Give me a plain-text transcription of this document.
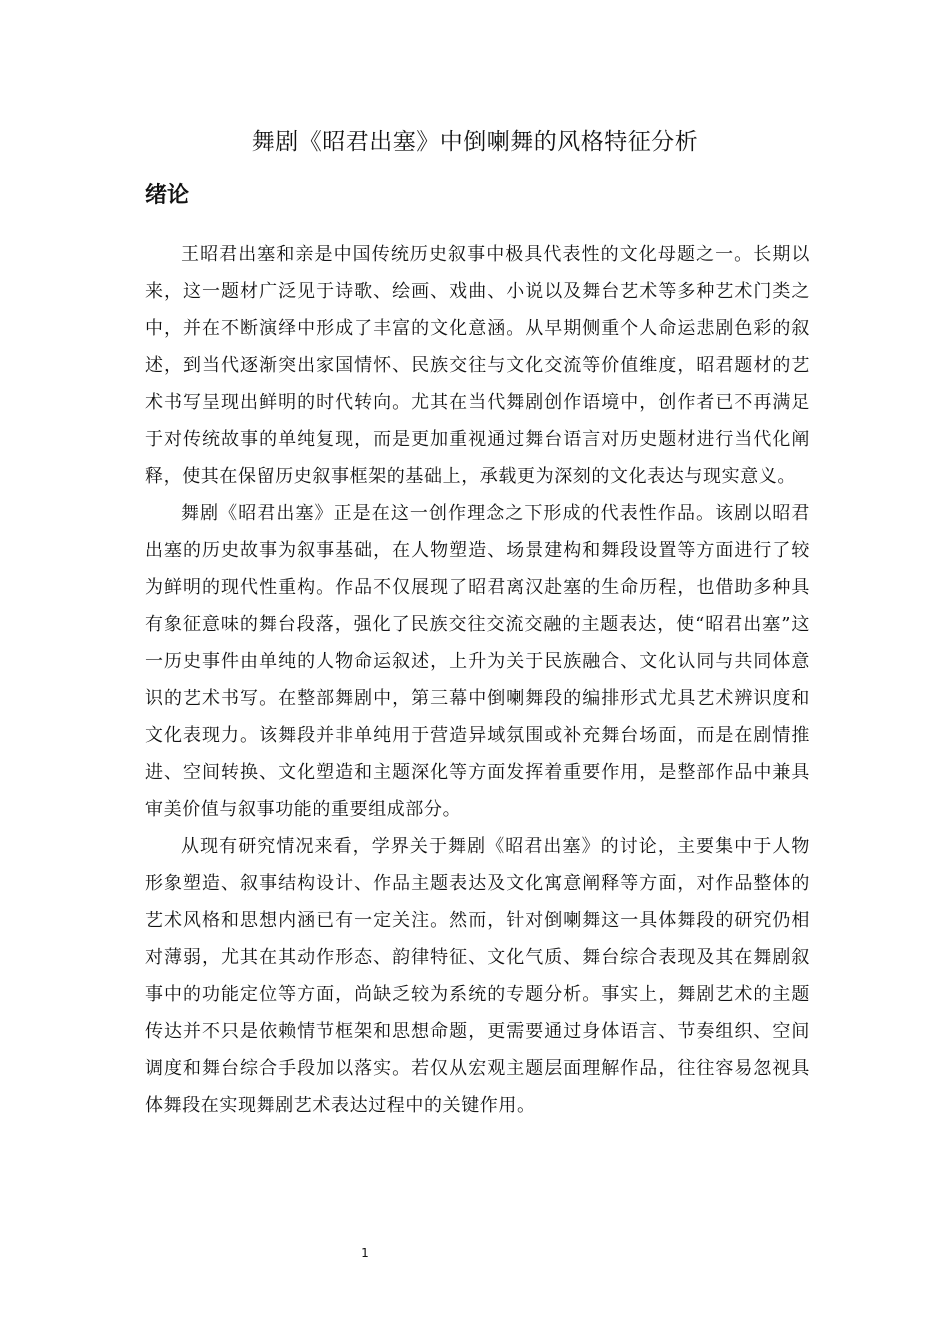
舞剧《昭君出塞》中倒喇舞的风格特征分析
绪论

王昭君出塞和亲是中国传统历史叙事中极具代表性的文化母题之一。长期以来，这一题材广泛见于诗歌、绘画、戏曲、小说以及舞台艺术等多种艺术门类之中，并在不断演绎中形成了丰富的文化意涵。从早期侧重个人命运悲剧色彩的叙述，到当代逐渐突出家国情怀、民族交往与文化交流等价值维度，昭君题材的艺术书写呈现出鲜明的时代转向。尤其在当代舞剧创作语境中，创作者已不再满足于对传统故事的单纯复现，而是更加重视通过舞台语言对历史题材进行当代化阐释，使其在保留历史叙事框架的基础上，承载更为深刻的文化表达与现实意义。

舞剧《昭君出塞》正是在这一创作理念之下形成的代表性作品。该剧以昭君出塞的历史故事为叙事基础，在人物塑造、场景建构和舞段设置等方面进行了较为鲜明的现代性重构。作品不仅展现了昭君离汉赴塞的生命历程，也借助多种具有象征意味的舞台段落，强化了民族交往交流交融的主题表达，使“昭君出塞”这一历史事件由单纯的人物命运叙述，上升为关于民族融合、文化认同与共同体意识的艺术书写。在整部舞剧中，第三幕中倒喇舞段的编排形式尤具艺术辨识度和文化表现力。该舞段并非单纯用于营造异域氛围或补充舞台场面，而是在剧情推进、空间转换、文化塑造和主题深化等方面发挥着重要作用，是整部作品中兼具审美价值与叙事功能的重要组成部分。

从现有研究情况来看，学界关于舞剧《昭君出塞》的讨论，主要集中于人物形象塑造、叙事结构设计、作品主题表达及文化寓意阐释等方面，对作品整体的艺术风格和思想内涵已有一定关注。然而，针对倒喇舞这一具体舞段的研究仍相对薄弱，尤其在其动作形态、韵律特征、文化气质、舞台综合表现及其在舞剧叙事中的功能定位等方面，尚缺乏较为系统的专题分析。事实上，舞剧艺术的主题传达并不只是依赖情节框架和思想命题，更需要通过身体语言、节奏组织、空间调度和舞台综合手段加以落实。若仅从宏观主题层面理解作品，往往容易忽视具体舞段在实现舞剧艺术表达过程中的关键作用。

1
